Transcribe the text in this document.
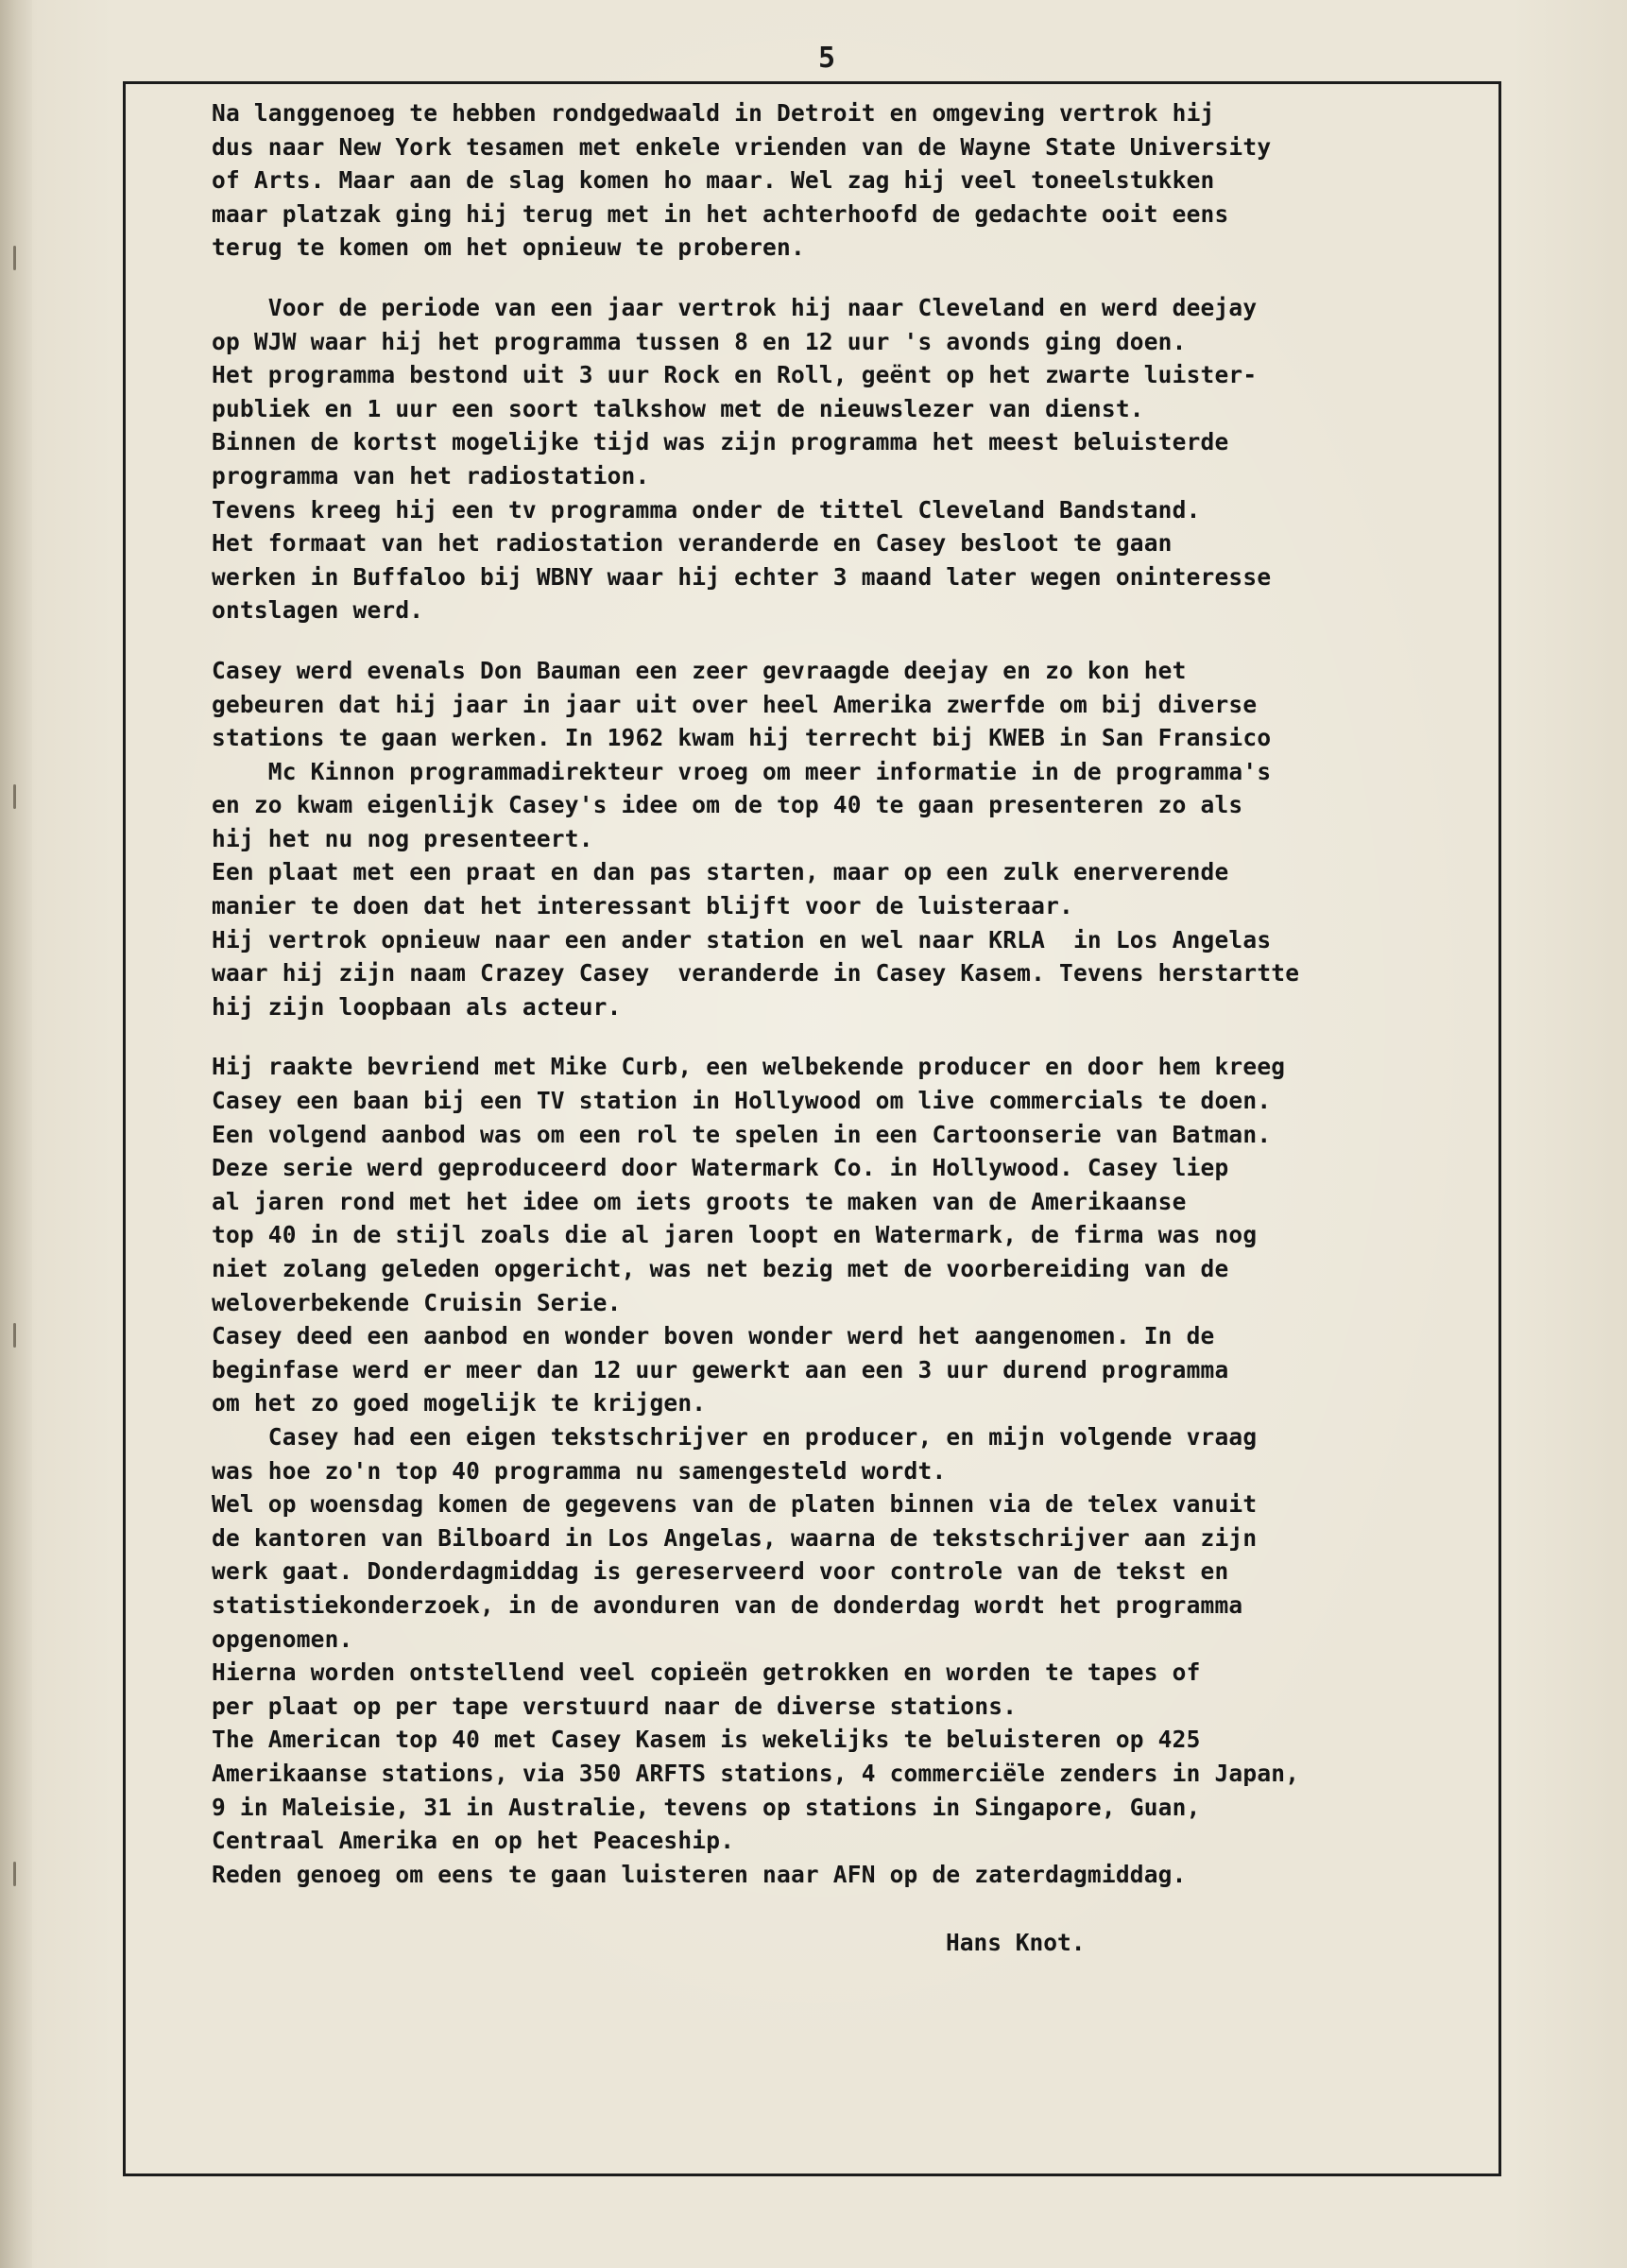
5
Na langgenoeg te hebben rondgedwaald in Detroit en omgeving vertrok hij
dus naar New York tesamen met enkele vrienden van de Wayne State University
of Arts. Maar aan de slag komen ho maar. Wel zag hij veel toneelstukken
maar platzak ging hij terug met in het achterhoofd de gedachte ooit eens
terug te komen om het opnieuw te proberen.
Voor de periode van een jaar vertrok hij naar Cleveland en werd deejay
op WJW waar hij het programma tussen 8 en 12 uur 's avonds ging doen.
Het programma bestond uit 3 uur Rock en Roll, geënt op het zwarte luister-
publiek en 1 uur een soort talkshow met de nieuwslezer van dienst.
Binnen de kortst mogelijke tijd was zijn programma het meest beluisterde
programma van het radiostation.
Tevens kreeg hij een tv programma onder de tittel Cleveland Bandstand.
Het formaat van het radiostation veranderde en Casey besloot te gaan
werken in Buffaloo bij WBNY waar hij echter 3 maand later wegen oninteresse
ontslagen werd.
Casey werd evenals Don Bauman een zeer gevraagde deejay en zo kon het
gebeuren dat hij jaar in jaar uit over heel Amerika zwerfde om bij diverse
stations te gaan werken. In 1962 kwam hij terrecht bij KWEB in San Fransico
Mc Kinnon programmadirekteur vroeg om meer informatie in de programma's
en zo kwam eigenlijk Casey's idee om de top 40 te gaan presenteren zo als
hij het nu nog presenteert.
Een plaat met een praat en dan pas starten, maar op een zulk enerverende
manier te doen dat het interessant blijft voor de luisteraar.
Hij vertrok opnieuw naar een ander station en wel naar KRLA  in Los Angelas
waar hij zijn naam Crazey Casey  veranderde in Casey Kasem. Tevens herstartte
hij zijn loopbaan als acteur.
Hij raakte bevriend met Mike Curb, een welbekende producer en door hem kreeg
Casey een baan bij een TV station in Hollywood om live commercials te doen.
Een volgend aanbod was om een rol te spelen in een Cartoonserie van Batman.
Deze serie werd geproduceerd door Watermark Co. in Hollywood. Casey liep
al jaren rond met het idee om iets groots te maken van de Amerikaanse
top 40 in de stijl zoals die al jaren loopt en Watermark, de firma was nog
niet zolang geleden opgericht, was net bezig met de voorbereiding van de
weloverbekende Cruisin Serie.
Casey deed een aanbod en wonder boven wonder werd het aangenomen. In de
beginfase werd er meer dan 12 uur gewerkt aan een 3 uur durend programma
om het zo goed mogelijk te krijgen.
Casey had een eigen tekstschrijver en producer, en mijn volgende vraag
was hoe zo'n top 40 programma nu samengesteld wordt.
Wel op woensdag komen de gegevens van de platen binnen via de telex vanuit
de kantoren van Bilboard in Los Angelas, waarna de tekstschrijver aan zijn
werk gaat. Donderdagmiddag is gereserveerd voor controle van de tekst en
statistiekonderzoek, in de avonduren van de donderdag wordt het programma
opgenomen.
Hierna worden ontstellend veel copieën getrokken en worden te tapes of
per plaat op per tape verstuurd naar de diverse stations.
The American top 40 met Casey Kasem is wekelijks te beluisteren op 425
Amerikaanse stations, via 350 ARFTS stations, 4 commerciële zenders in Japan,
9 in Maleisie, 31 in Australie, tevens op stations in Singapore, Guan,
Centraal Amerika en op het Peaceship.
Reden genoeg om eens te gaan luisteren naar AFN op de zaterdagmiddag.
Hans Knot.
